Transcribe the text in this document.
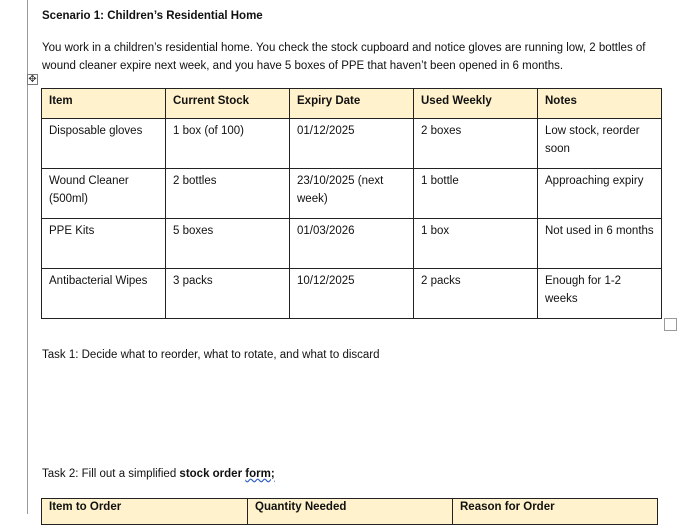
Scenario 1: Children’s Residential Home
You work in a children’s residential home. You check the stock cupboard and notice gloves are running low, 2 bottles of wound cleaner expire next week, and you have 5 boxes of PPE that haven’t been opened in 6 months.
✥
Item	Current Stock	Expiry Date	Used Weekly	Notes
Disposable gloves	1 box (of 100)	01/12/2025	2 boxes	Low stock, reorder soon
Wound Cleaner (500ml)	2 bottles	23/10/2025 (next week)	1 bottle	Approaching expiry
PPE Kits	5 boxes	01/03/2026	1 box	Not used in 6 months
Antibacterial Wipes	3 packs	10/12/2025	2 packs	Enough for 1-2 weeks
Task 1: Decide what to reorder, what to rotate, and what to discard
Task 2: Fill out a simplified stock order form;
Item to Order	Quantity Needed	Reason for Order
